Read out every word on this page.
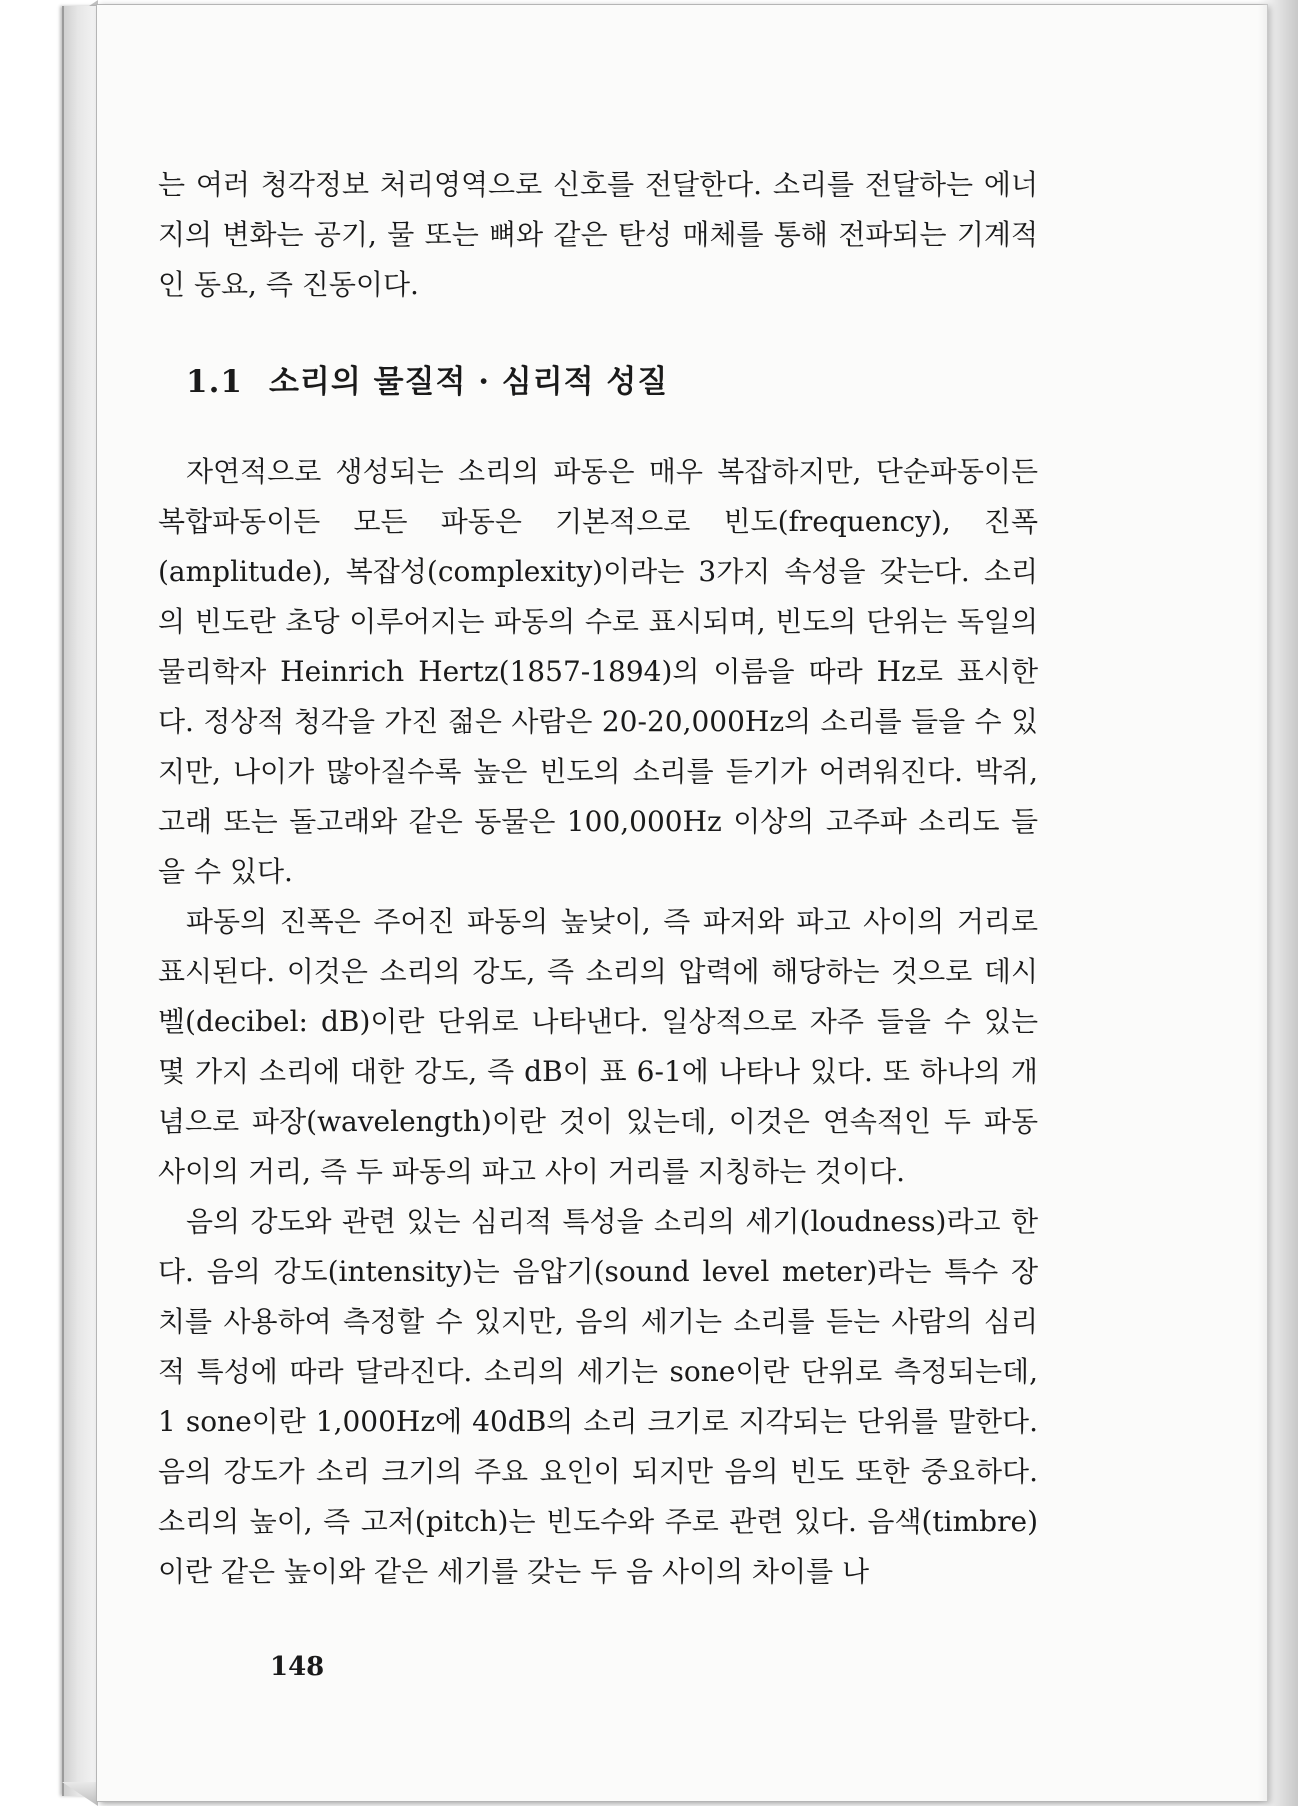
는 여러 청각정보 처리영역으로 신호를 전달한다. 소리를 전달하는 에너지의 변화는 공기, 물 또는 뼈와 같은 탄성 매체를 통해 전파되는 기계적인 동요, 즉 진동이다.

1.1 소리의 물질적 · 심리적 성질

자연적으로 생성되는 소리의 파동은 매우 복잡하지만, 단순파동이든 복합파동이든 모든 파동은 기본적으로 빈도(frequency), 진폭(amplitude), 복잡성(complexity)이라는 3가지 속성을 갖는다. 소리의 빈도란 초당 이루어지는 파동의 수로 표시되며, 빈도의 단위는 독일의 물리학자 Heinrich Hertz(1857-1894)의 이름을 따라 Hz로 표시한다. 정상적 청각을 가진 젊은 사람은 20-20,000Hz의 소리를 들을 수 있지만, 나이가 많아질수록 높은 빈도의 소리를 듣기가 어려워진다. 박쥐, 고래 또는 돌고래와 같은 동물은 100,000Hz 이상의 고주파 소리도 들을 수 있다.

파동의 진폭은 주어진 파동의 높낮이, 즉 파저와 파고 사이의 거리로 표시된다. 이것은 소리의 강도, 즉 소리의 압력에 해당하는 것으로 데시벨(decibel: dB)이란 단위로 나타낸다. 일상적으로 자주 들을 수 있는 몇 가지 소리에 대한 강도, 즉 dB이 표 6-1에 나타나 있다. 또 하나의 개념으로 파장(wavelength)이란 것이 있는데, 이것은 연속적인 두 파동 사이의 거리, 즉 두 파동의 파고 사이 거리를 지칭하는 것이다.

음의 강도와 관련 있는 심리적 특성을 소리의 세기(loudness)라고 한다. 음의 강도(intensity)는 음압기(sound level meter)라는 특수 장치를 사용하여 측정할 수 있지만, 음의 세기는 소리를 듣는 사람의 심리적 특성에 따라 달라진다. 소리의 세기는 sone이란 단위로 측정되는데, 1 sone이란 1,000Hz에 40dB의 소리 크기로 지각되는 단위를 말한다. 음의 강도가 소리 크기의 주요 요인이 되지만 음의 빈도 또한 중요하다. 소리의 높이, 즉 고저(pitch)는 빈도수와 주로 관련 있다. 음색(timbre)이란 같은 높이와 같은 세기를 갖는 두 음 사이의 차이를 나

148
